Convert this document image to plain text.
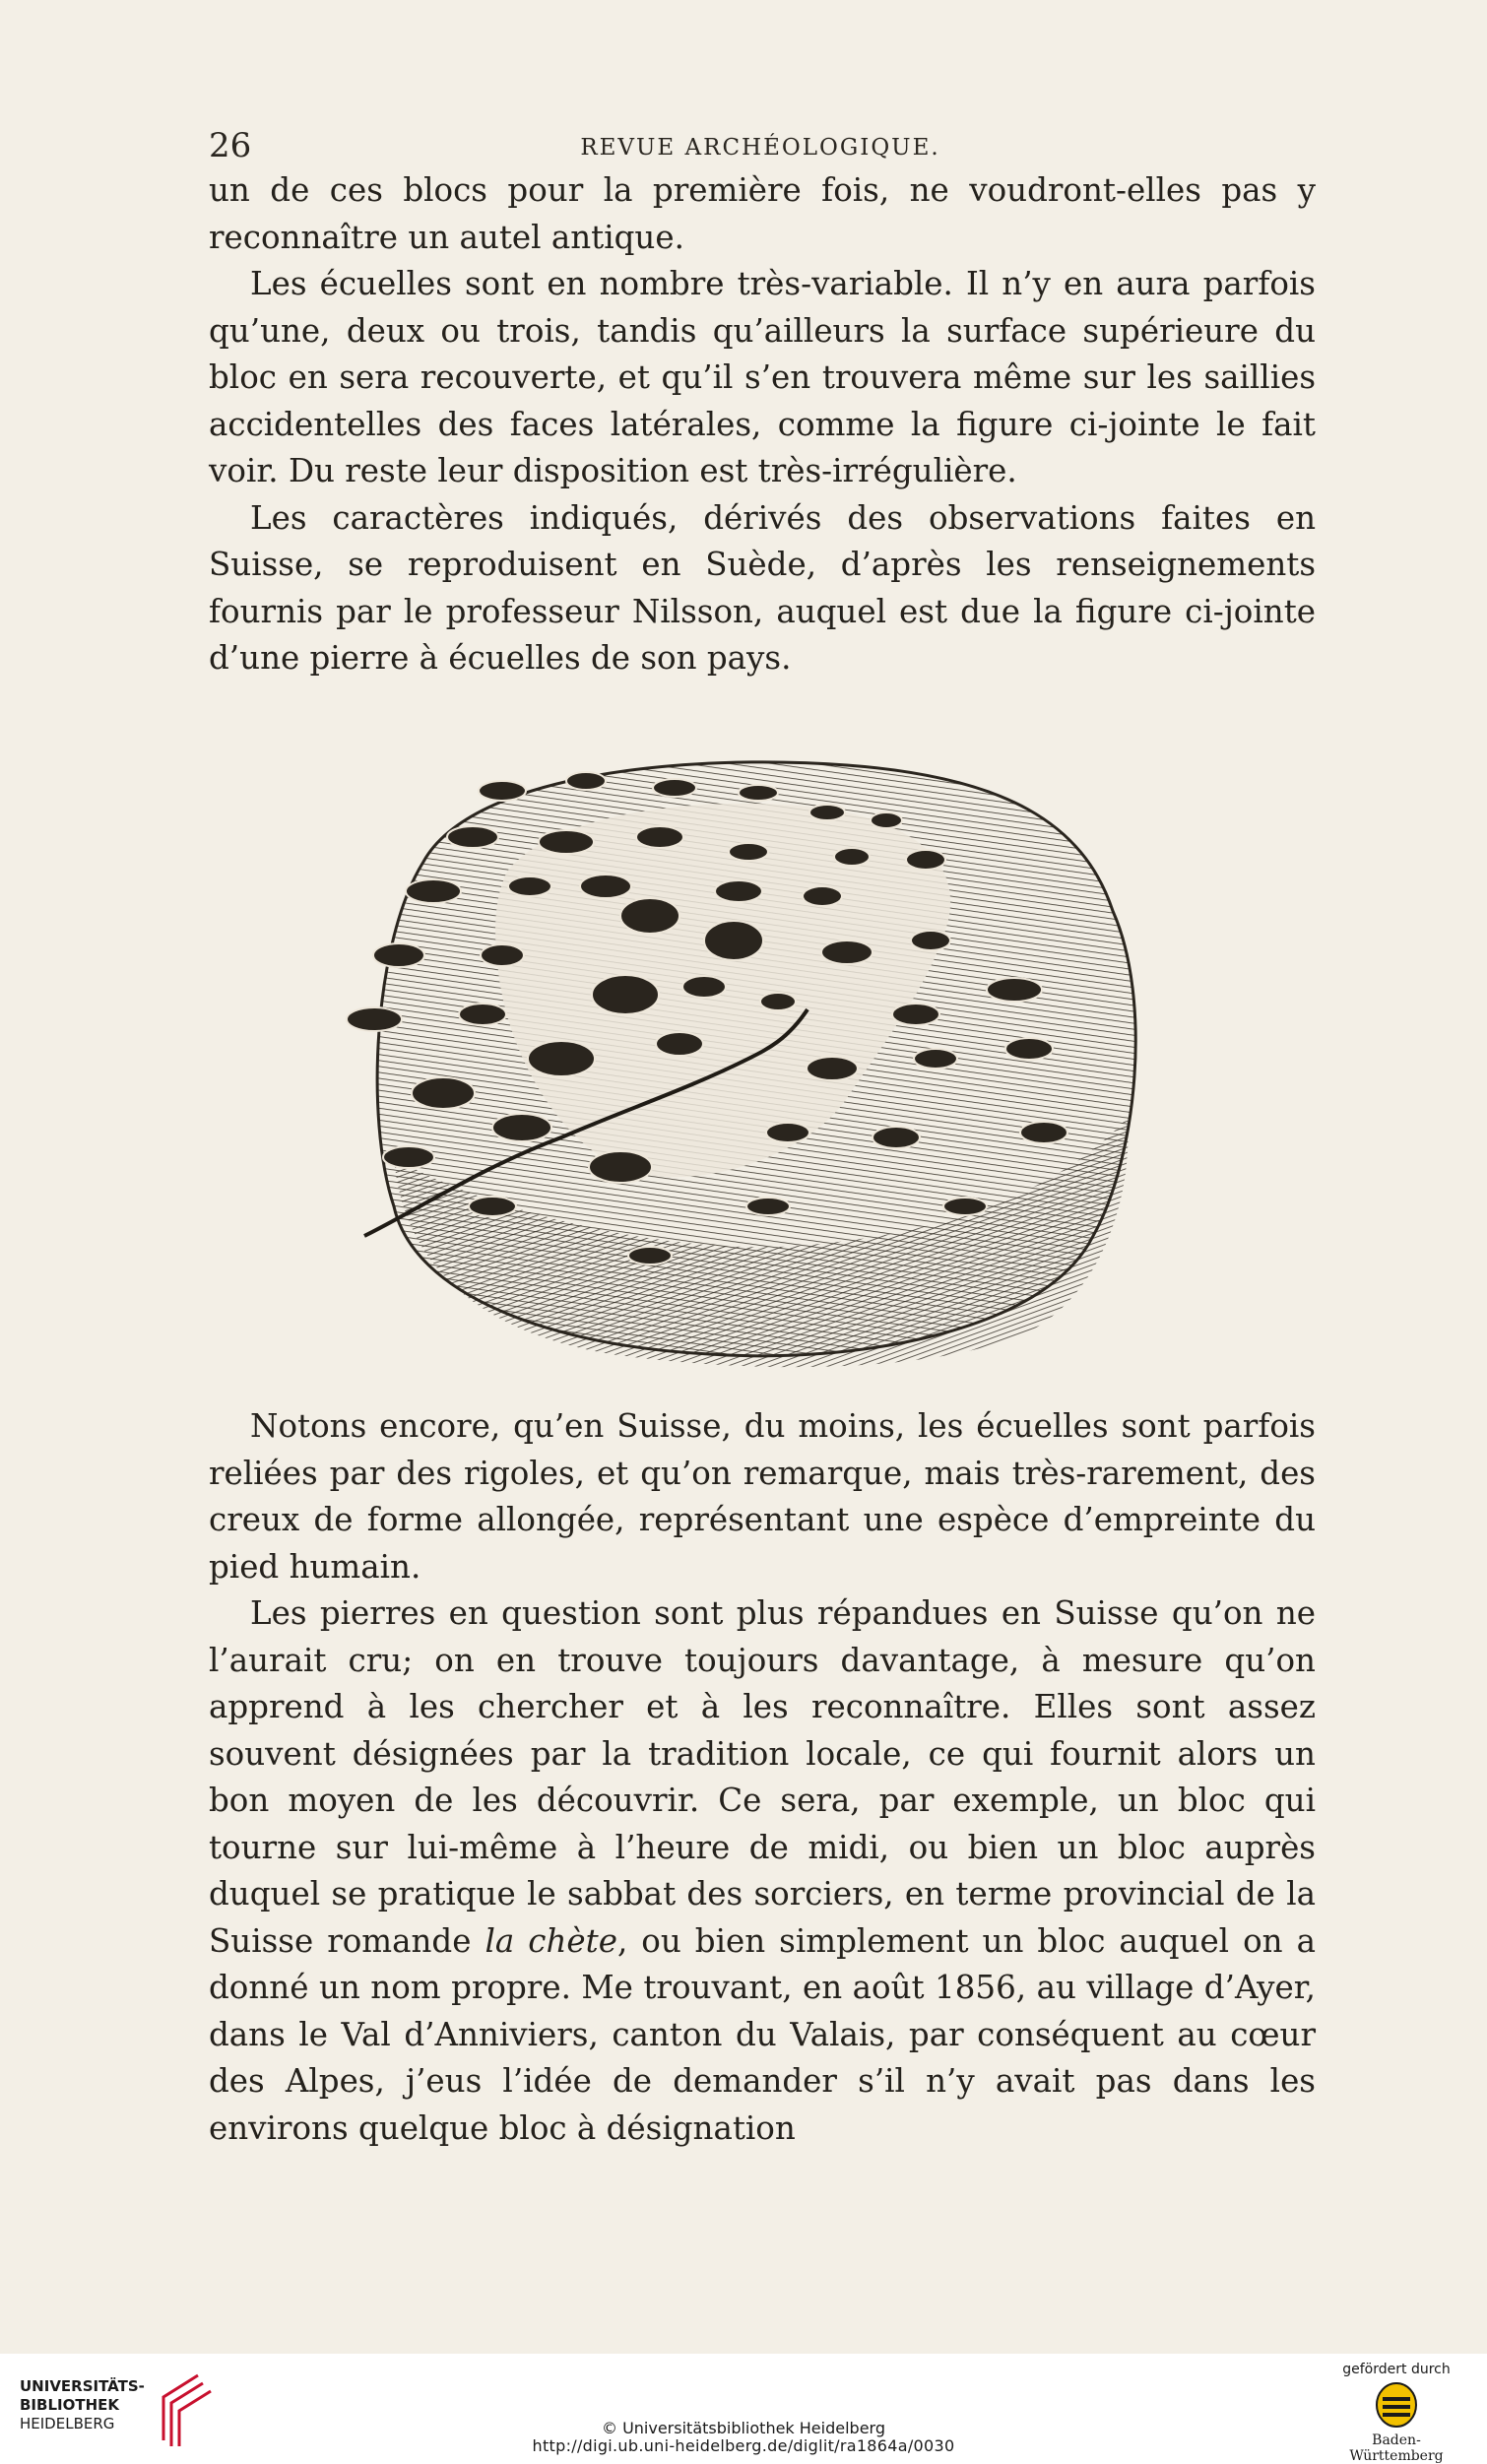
26	REVUE ARCHÉOLOGIQUE.

un de ces blocs pour la première fois, ne voudront-elles pas y reconnaître un autel antique.

Les écuelles sont en nombre très-variable. Il n’y en aura parfois qu’une, deux ou trois, tandis qu’ailleurs la surface supérieure du bloc en sera recouverte, et qu’il s’en trouvera même sur les saillies accidentelles des faces latérales, comme la figure ci-jointe le fait voir. Du reste leur disposition est très-irrégulière.

Les caractères indiqués, dérivés des observations faites en Suisse, se reproduisent en Suède, d’après les renseignements fournis par le professeur Nilsson, auquel est due la figure ci-jointe d’une pierre à écuelles de son pays.

Notons encore, qu’en Suisse, du moins, les écuelles sont parfois reliées par des rigoles, et qu’on remarque, mais très-rarement, des creux de forme allongée, représentant une espèce d’empreinte du pied humain.

Les pierres en question sont plus répandues en Suisse qu’on ne l’aurait cru; on en trouve toujours davantage, à mesure qu’on apprend à les chercher et à les reconnaître. Elles sont assez souvent désignées par la tradition locale, ce qui fournit alors un bon moyen de les découvrir. Ce sera, par exemple, un bloc qui tourne sur lui-même à l’heure de midi, ou bien un bloc auprès duquel se pratique le sabbat des sorciers, en terme provincial de la Suisse romande la chète, ou bien simplement un bloc auquel on a donné un nom propre. Me trouvant, en août 1856, au village d’Ayer, dans le Val d’Anniviers, canton du Valais, par conséquent au cœur des Alpes, j’eus l’idée de demander s’il n’y avait pas dans les environs quelque bloc à désignation

UNIVERSITÄTS-
BIBLIOTHEK
HEIDELBERG	© Universitätsbibliothek Heidelberg
http://digi.ub.uni-heidelberg.de/diglit/ra1864a/0030
gefördert durch
Baden-Württemberg
